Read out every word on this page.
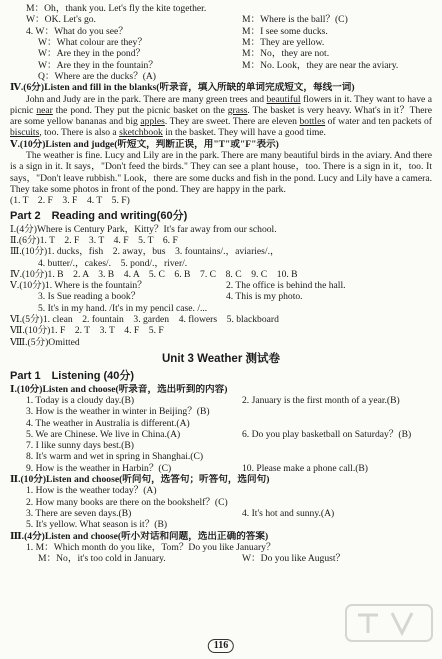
M：Oh，thank you. Let's fly the kite together.

W：OK. Let's go.	M：Where is the ball？(C)

4. W：What do you see？	M：I see some ducks.

W：What colour are they？	M：They are yellow.

W：Are they in the pond？	M：No，they are not.

W：Are they in the fountain？	M：No. Look，they are near the aviary.

Q：Where are the ducks？(A)

Ⅳ.(6分)Listen and fill in the blanks(听录音，填入所缺的单词完成短文，每线一词)

John and Judy are in the park. There are many green trees and beautiful flowers in it. They want to have a picnic near the pond. They put the picnic basket on the grass. The basket is very heavy. What's in it？There are some yellow bananas and big apples. They are sweet. There are eleven bottles of water and ten packets of biscuits, too. There is also a sketchbook in the basket. They will have a good time.

Ⅴ.(10分)Listen and judge(听短文，判断正误，用"T"或"F"表示)

The weather is fine. Lucy and Lily are in the park. There are many beautiful birds in the aviary. And there is a sign in it. It says，"Don't feed the birds." They can see a plant house，too. There is a sign in it，too. It says，"Don't leave rubbish." Look，there are some ducks and fish in the pond. Lucy and Lily have a camera. They take some photos in front of the pond. They are happy in the park.

(1. T　2. F　3. F　4. T　5. F)

Part 2　Reading and writing(60分)

Ⅰ.(4分)Where is Century Park，Kitty？It's far away from our school.

Ⅱ.(6分)1. T　2. F　3. T　4. F　5. T　6. F

Ⅲ.(10分)1. ducks，fish　2. away，bus　3. fountains/.，aviaries/.，

4. butter/.，cakes/.　5. pond/.，river/.

Ⅳ.(10分)1. B　2. A　3. B　4. A　5. C　6. B　7. C　8. C　9. C　10. B

Ⅴ.(10分)1. Where is the fountain？	2. The office is behind the hall.

3. Is Sue reading a book？	4. This is my photo.

5. It's in my hand. /It's in my pencil case. /...

Ⅵ.(5分)1. clean　2. fountain　3. garden　4. flowers　5. blackboard

Ⅶ.(10分)1. F　2. T　3. T　4. F　5. F

Ⅷ.(5分)Omitted

Unit 3 Weather 测试卷

Part 1　Listening (40分)

Ⅰ.(10分)Listen and choose(听录音，选出听到的内容)

1. Today is a cloudy day.(B)	2. January is the first month of a year.(B)

3. How is the weather in winter in Beijing？(B)

4. The weather in Australia is different.(A)

5. We are Chinese. We live in China.(A)	6. Do you play basketball on Saturday？(B)

7. I like sunny days best.(B)

8. It's warm and wet in spring in Shanghai.(C)

9. How is the weather in Harbin？(C)	10. Please make a phone call.(B)

Ⅱ.(10分)Listen and choose(听问句，选答句；听答句，选问句)

1. How is the weather today？(A)

2. How many books are there on the bookshelf？(C)

3. There are seven days.(B)	4. It's hot and sunny.(A)

5. It's yellow. What season is it？(B)

Ⅲ.(4分)Listen and choose(听小对话和问题，选出正确的答案)

1. M：Which month do you like，Tom？Do you like January？

M：No，it's too cold in January.	W：Do you like August？

116
